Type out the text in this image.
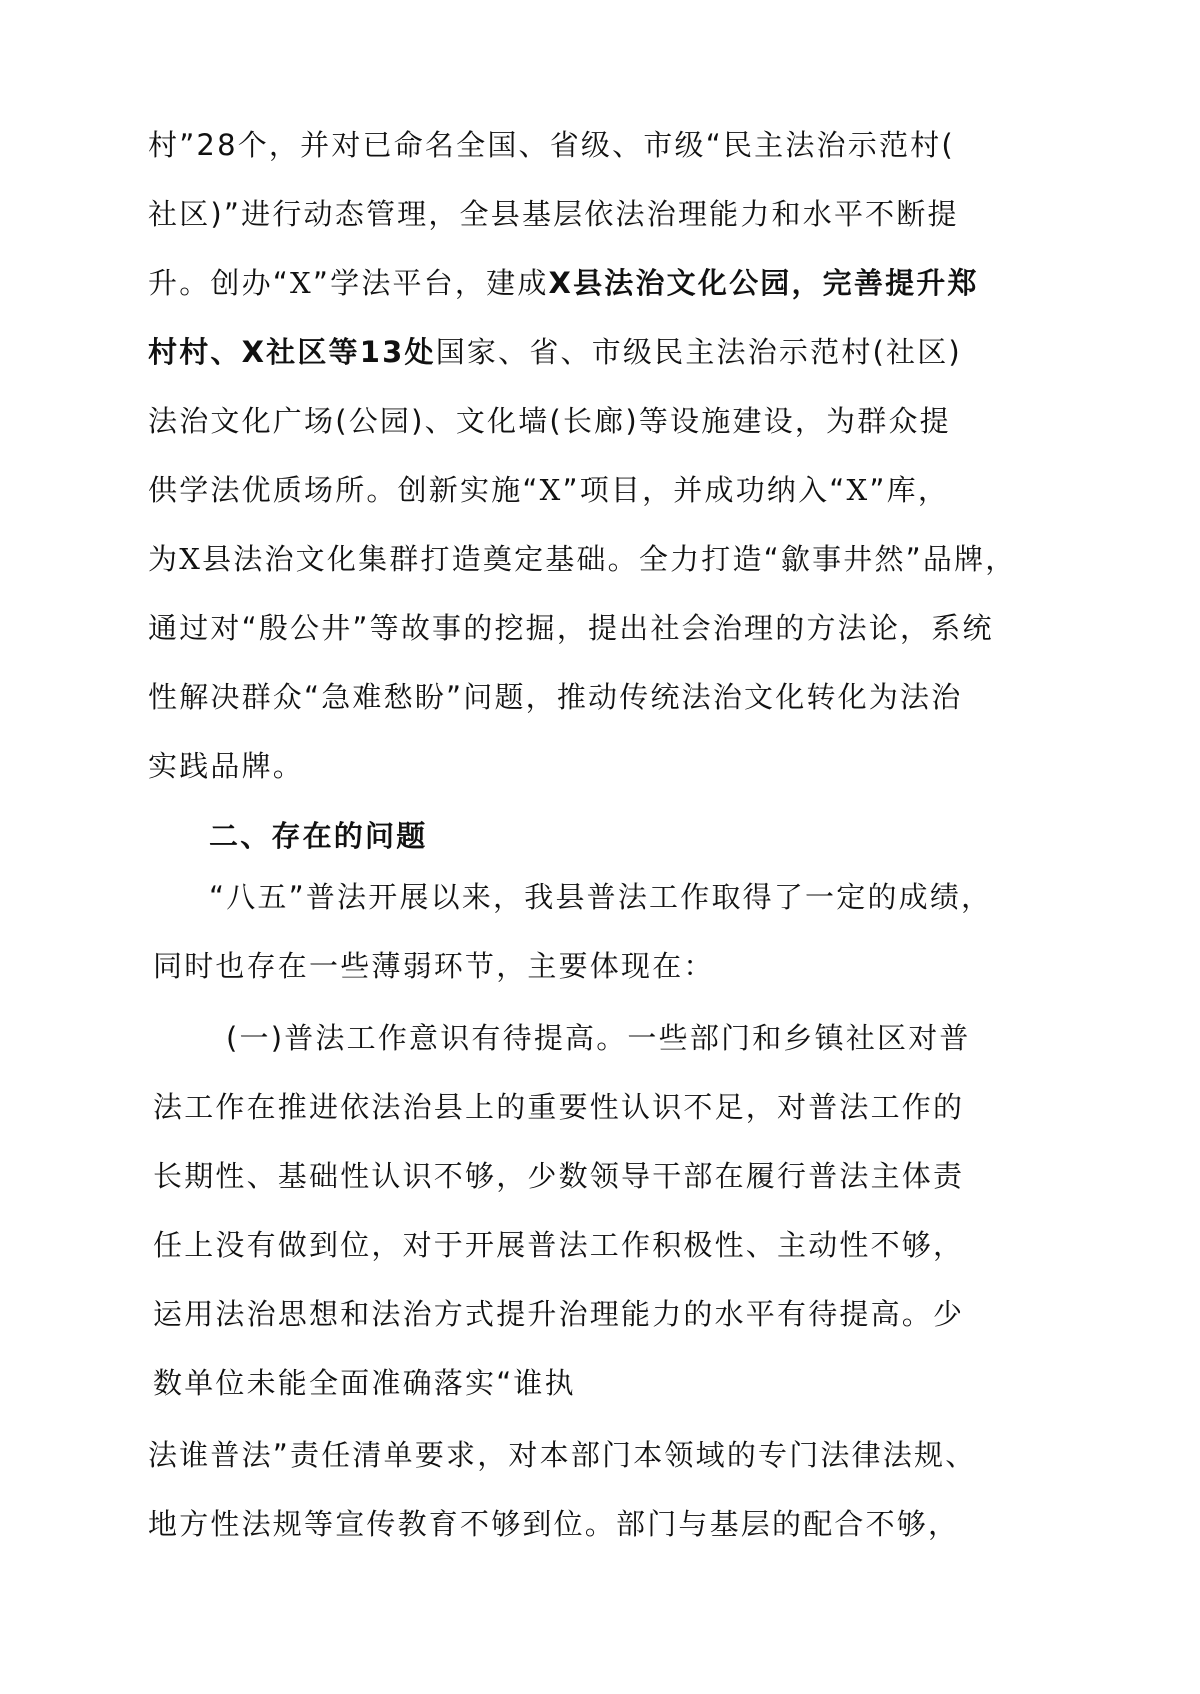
村”28个，并对已命名全国、省级、市级“民主法治示范村(
社区)”进行动态管理，全县基层依法治理能力和水平不断提
升。创办“X”学法平台，建成X县法治文化公园，完善提升郑
村村、X社区等13处国家、省、市级民主法治示范村(社区)
法治文化广场(公园)、文化墙(长廊)等设施建设，为群众提
供学法优质场所。创新实施“X”项目，并成功纳入“X”库，
为X县法治文化集群打造奠定基础。全力打造“歙事井然”品牌，
通过对“殷公井”等故事的挖掘，提出社会治理的方法论，系统
性解决群众“急难愁盼”问题，推动传统法治文化转化为法治
实践品牌。
二、存在的问题
“八五”普法开展以来，我县普法工作取得了一定的成绩，
同时也存在一些薄弱环节，主要体现在：
(一)普法工作意识有待提高。一些部门和乡镇社区对普
法工作在推进依法治县上的重要性认识不足，对普法工作的
长期性、基础性认识不够，少数领导干部在履行普法主体责
任上没有做到位，对于开展普法工作积极性、主动性不够，
运用法治思想和法治方式提升治理能力的水平有待提高。少
数单位未能全面准确落实“谁执
法谁普法”责任清单要求，对本部门本领域的专门法律法规、
地方性法规等宣传教育不够到位。部门与基层的配合不够，
